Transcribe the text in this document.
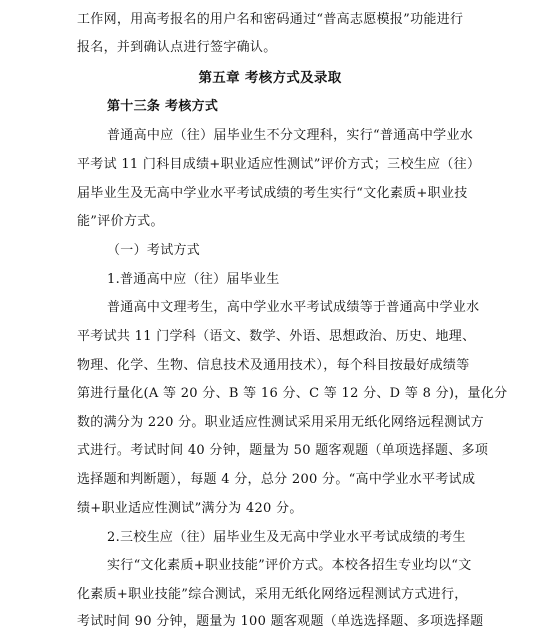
工作网，用高考报名的用户名和密码通过“普高志愿模报”功能进行
报名，并到确认点进行签字确认。
第五章 考核方式及录取
第十三条 考核方式
普通高中应（往）届毕业生不分文理科，实行“普通高中学业水
平考试 11 门科目成绩+职业适应性测试”评价方式；三校生应（往）
届毕业生及无高中学业水平考试成绩的考生实行“文化素质+职业技
能”评价方式。
（一）考试方式
1.普通高中应（往）届毕业生
普通高中文理考生，高中学业水平考试成绩等于普通高中学业水
平考试共 11 门学科（语文、数学、外语、思想政治、历史、地理、
物理、化学、生物、信息技术及通用技术），每个科目按最好成绩等
第进行量化(A 等 20 分、B 等 16 分、C 等 12 分、D 等 8 分)，量化分
数的满分为 220 分。职业适应性测试采用采用无纸化网络远程测试方
式进行。考试时间 40 分钟，题量为 50 题客观题（单项选择题、多项
选择题和判断题），每题 4 分，总分 200 分。“高中学业水平考试成
绩+职业适应性测试”满分为 420 分。
2.三校生应（往）届毕业生及无高中学业水平考试成绩的考生
实行“文化素质+职业技能”评价方式。本校各招生专业均以“文
化素质+职业技能”综合测试，采用无纸化网络远程测试方式进行，
考试时间 90 分钟，题量为 100 题客观题（单选选择题、多项选择题
